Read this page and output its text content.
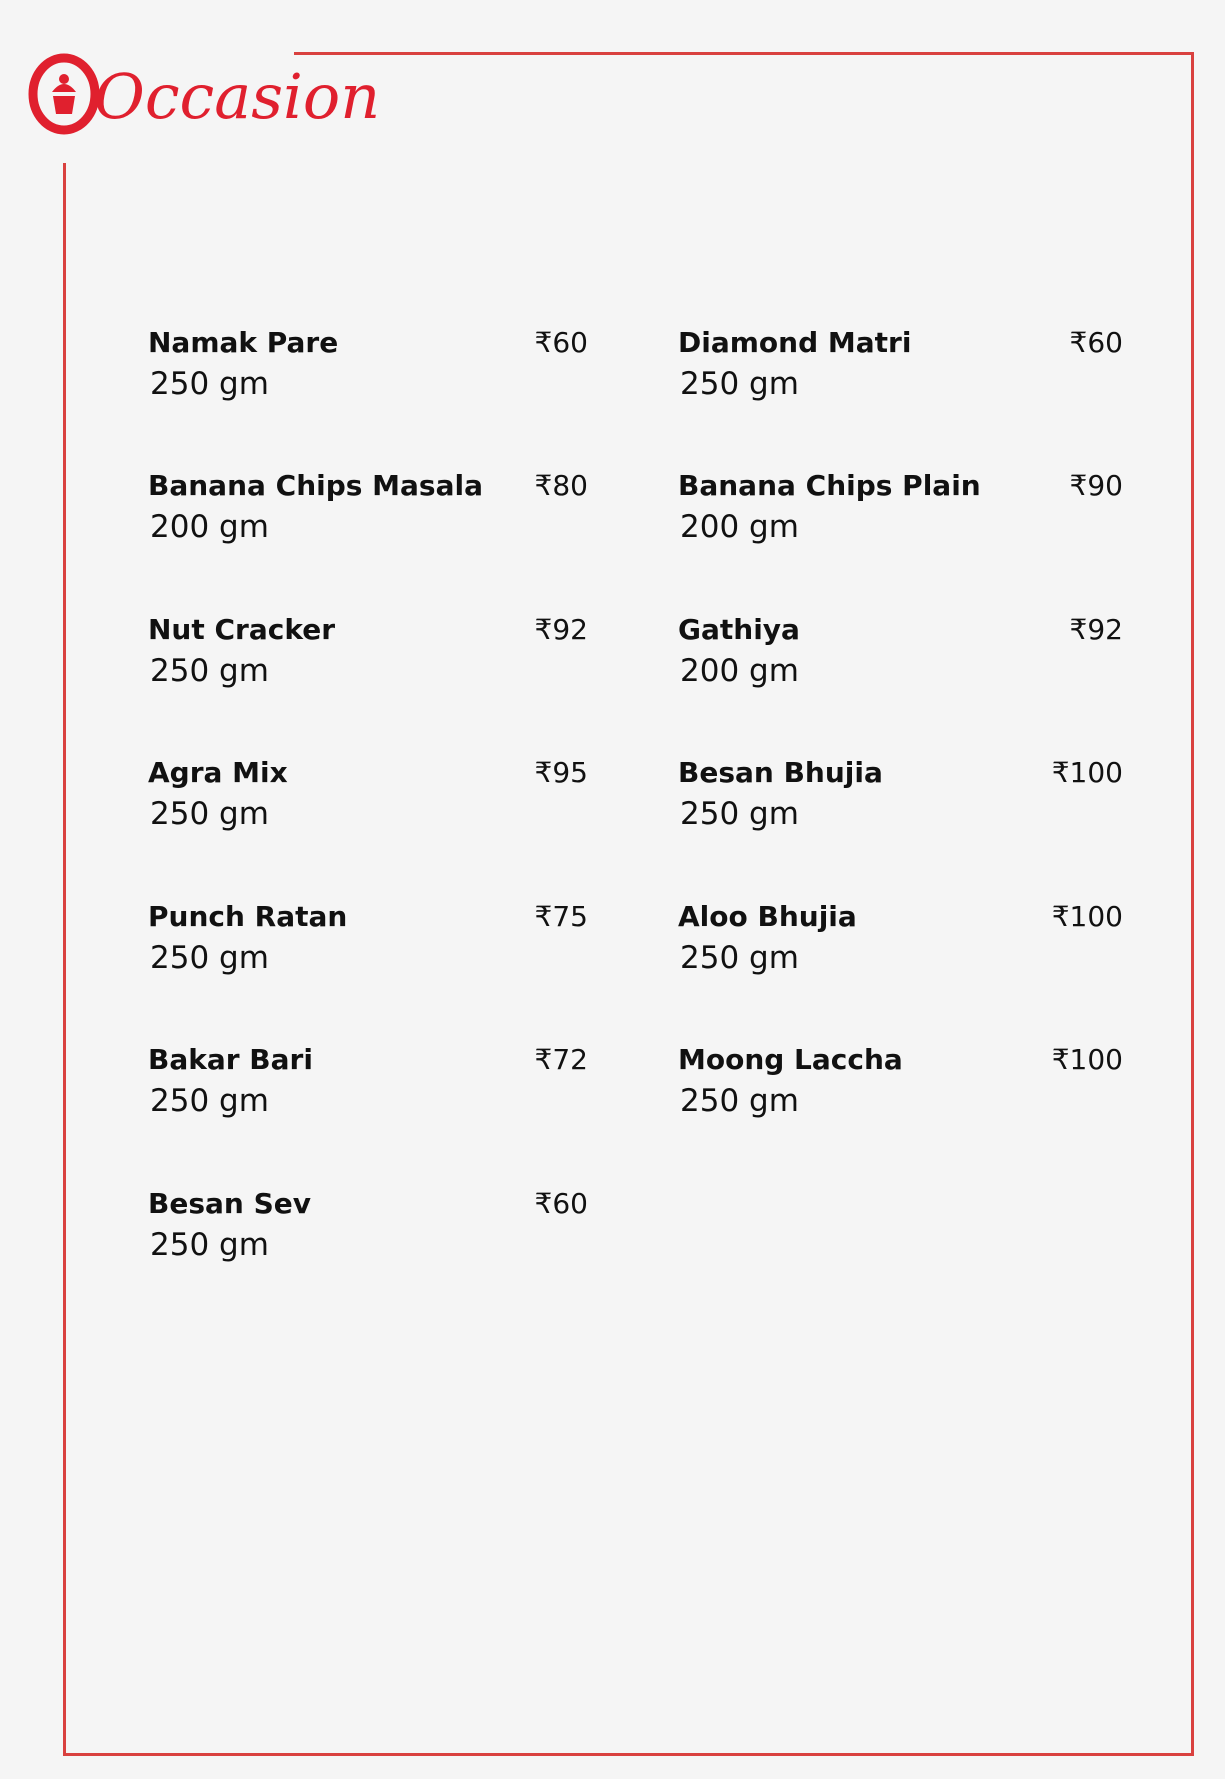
Occasion
Namak Pare	₹60
250 gm
Banana Chips Masala ₹80
200 gm
Nut Cracker	₹92
250 gm
Agra Mix	₹95
250 gm
Punch Ratan	₹75
250 gm
Bakar Bari	₹72
250 gm
Besan Sev	₹60
250 gm
Diamond Matri	₹60
250 gm
Banana Chips Plain	₹90
200 gm
Gathiya	₹92
200 gm
Besan Bhujia	₹100
250 gm
Aloo Bhujia	₹100
250 gm
Moong Laccha	₹100
250 gm
